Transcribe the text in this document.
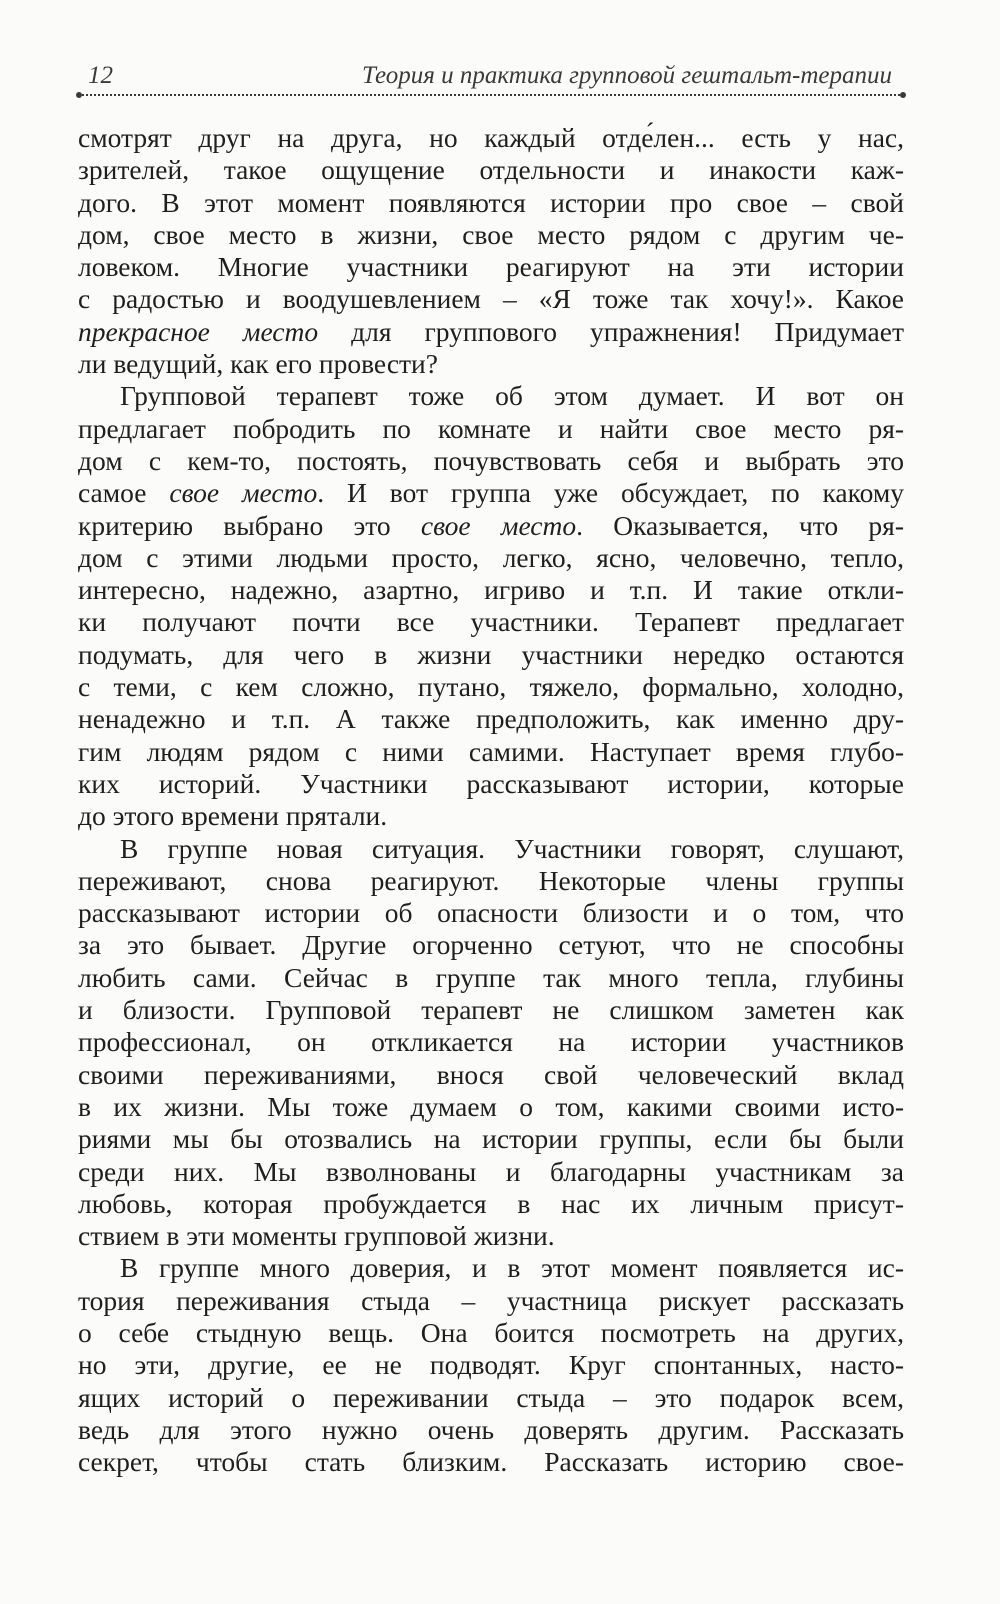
12	Теория и практика групповой гештальт-терапии
смотрят друг на друга, но каждый отде́лен... есть у нас,
зрителей, такое ощущение отдельности и инакости каж-
дого. В этот момент появляются истории про свое – свой
дом, свое место в жизни, свое место рядом с другим че-
ловеком. Многие участники реагируют на эти истории
с радостью и воодушевлением – «Я тоже так хочу!». Какое
прекрасное место для группового упражнения! Придумает
ли ведущий, как его провести?
Групповой терапевт тоже об этом думает. И вот он
предлагает побродить по комнате и найти свое место ря-
дом с кем-то, постоять, почувствовать себя и выбрать это
самое свое место. И вот группа уже обсуждает, по какому
критерию выбрано это свое место. Оказывается, что ря-
дом с этими людьми просто, легко, ясно, человечно, тепло,
интересно, надежно, азартно, игриво и т.п. И такие откли-
ки получают почти все участники. Терапевт предлагает
подумать, для чего в жизни участники нередко остаются
с теми, с кем сложно, путано, тяжело, формально, холодно,
ненадежно и т.п. А также предположить, как именно дру-
гим людям рядом с ними самими. Наступает время глубо-
ких историй. Участники рассказывают истории, которые
до этого времени прятали.
В группе новая ситуация. Участники говорят, слушают,
переживают, снова реагируют. Некоторые члены группы
рассказывают истории об опасности близости и о том, что
за это бывает. Другие огорченно сетуют, что не способны
любить сами. Сейчас в группе так много тепла, глубины
и близости. Групповой терапевт не слишком заметен как
профессионал, он откликается на истории участников
своими переживаниями, внося свой человеческий вклад
в их жизни. Мы тоже думаем о том, какими своими исто-
риями мы бы отозвались на истории группы, если бы были
среди них. Мы взволнованы и благодарны участникам за
любовь, которая пробуждается в нас их личным присут-
ствием в эти моменты групповой жизни.
В группе много доверия, и в этот момент появляется ис-
тория переживания стыда – участница рискует рассказать
о себе стыдную вещь. Она боится посмотреть на других,
но эти, другие, ее не подводят. Круг спонтанных, насто-
ящих историй о переживании стыда – это подарок всем,
ведь для этого нужно очень доверять другим. Рассказать
секрет, чтобы стать близким. Рассказать историю свое-
